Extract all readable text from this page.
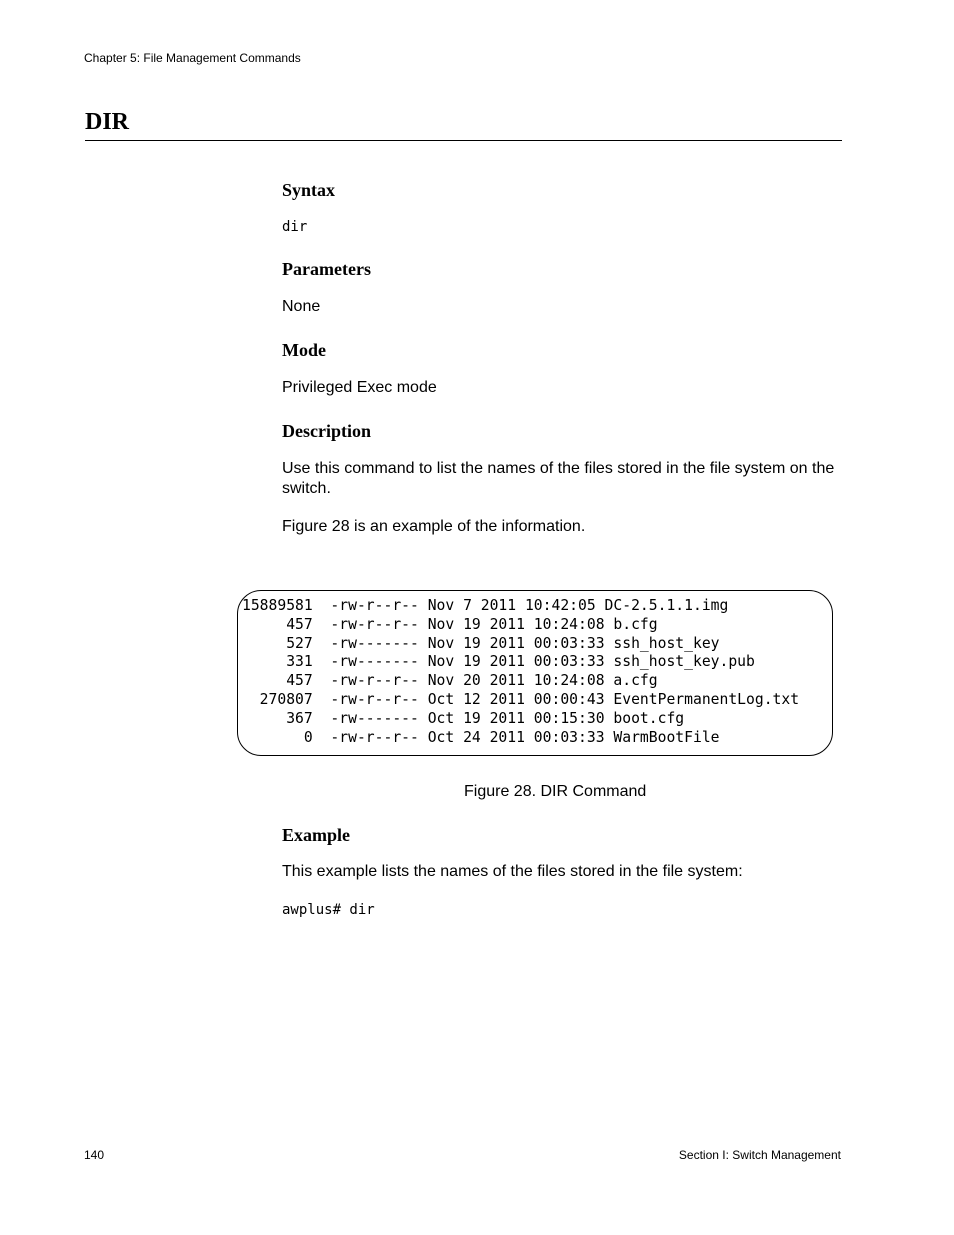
Chapter 5: File Management Commands
DIR
Syntax
dir
Parameters
None
Mode
Privileged Exec mode
Description
Use this command to list the names of the files stored in the file system on the switch.
Figure 28 is an example of the information.
15889581  -rw-r--r-- Nov 7 2011 10:42:05 DC-2.5.1.1.img
457  -rw-r--r-- Nov 19 2011 10:24:08 b.cfg
527  -rw------- Nov 19 2011 00:03:33 ssh_host_key
331  -rw------- Nov 19 2011 00:03:33 ssh_host_key.pub
457  -rw-r--r-- Nov 20 2011 10:24:08 a.cfg
270807  -rw-r--r-- Oct 12 2011 00:00:43 EventPermanentLog.txt
367  -rw------- Oct 19 2011 00:15:30 boot.cfg
0  -rw-r--r-- Oct 24 2011 00:03:33 WarmBootFile
Figure 28. DIR Command
Example
This example lists the names of the files stored in the file system:
awplus# dir
140	Section I: Switch Management
